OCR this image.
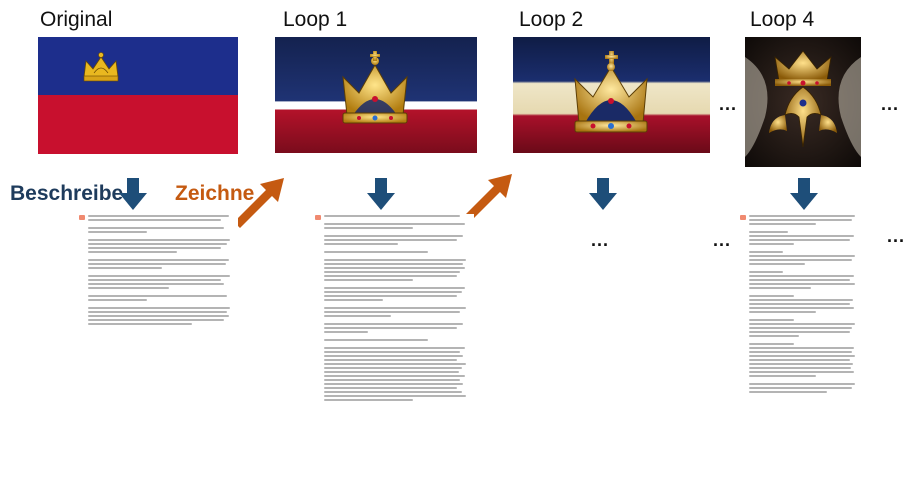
Original	Loop 1	Loop 2	Loop 4
...	...
Beschreibe Zeichne
...	...	...
